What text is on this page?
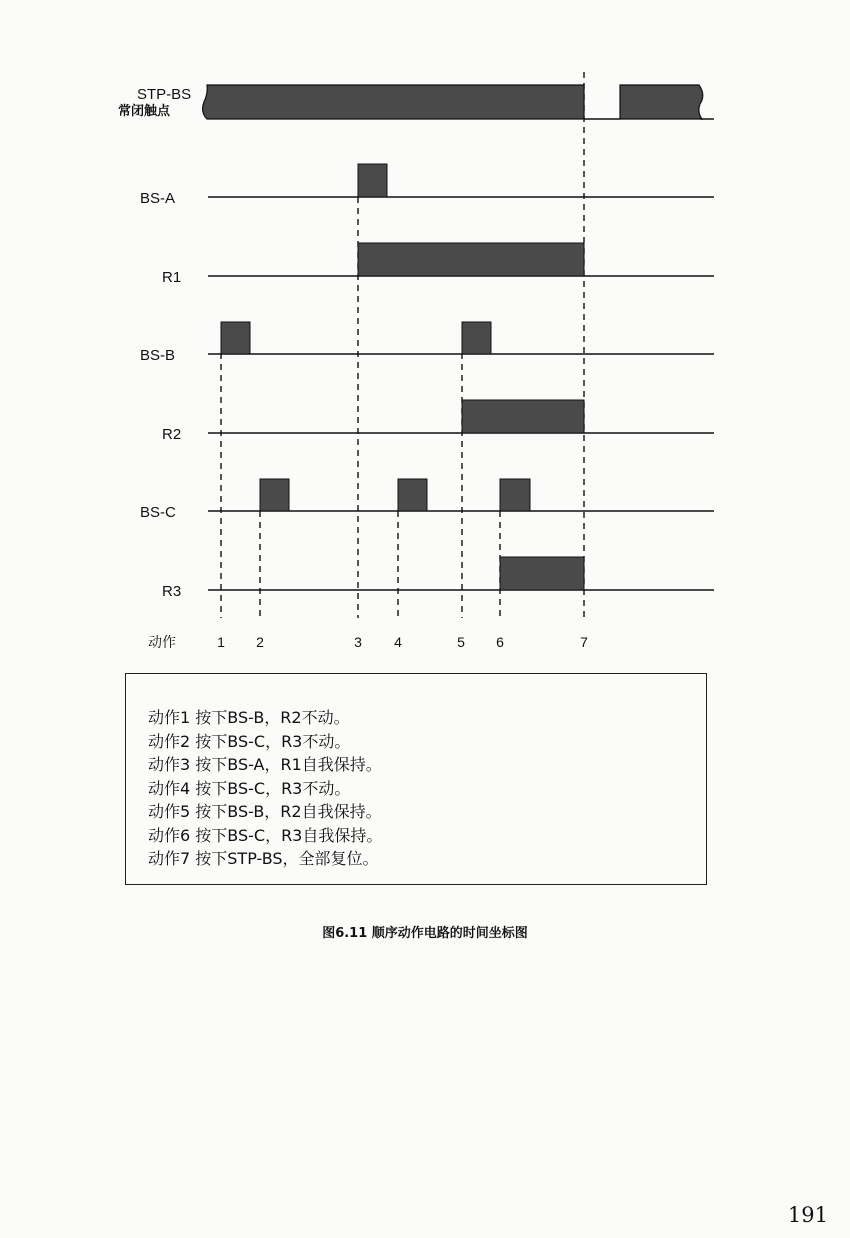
STP-BS
常闭触点
BS-A
R1
BS-B
R2
BS-C
R3
动作	1 2	3 4	5 6	7
动作1 按下BS-B，R2不动。
动作2 按下BS-C，R3不动。
动作3 按下BS-A，R1自我保持。
动作4 按下BS-C，R3不动。
动作5 按下BS-B，R2自我保持。
动作6 按下BS-C，R3自我保持。
动作7 按下STP-BS，全部复位。
图6.11 顺序动作电路的时间坐标图
191
